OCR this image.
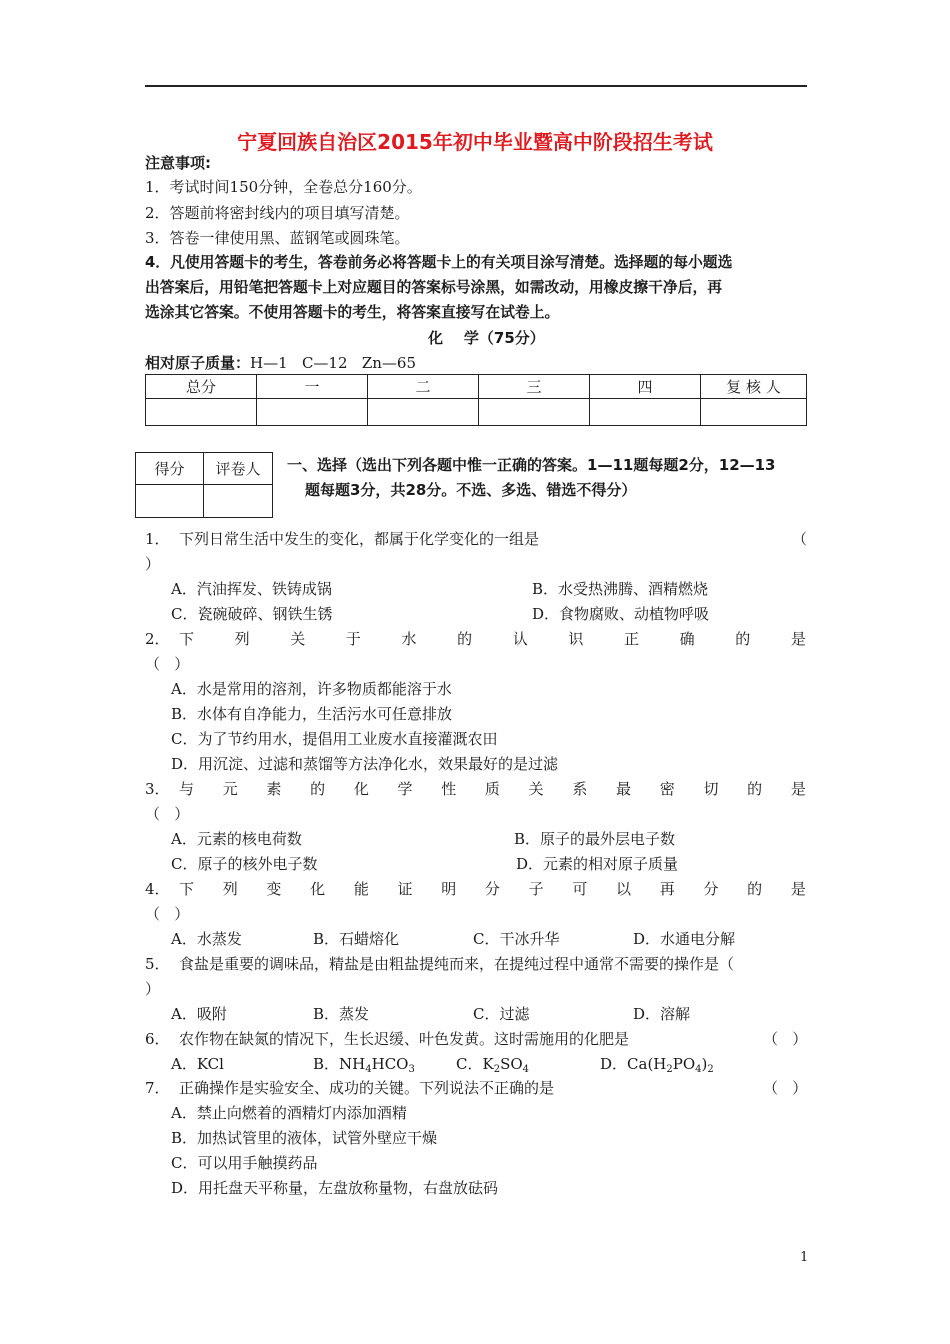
宁夏回族自治区2015年初中毕业暨高中阶段招生考试
注意事项:
1．考试时间150分钟，全卷总分160分。
2．答题前将密封线内的项目填写清楚。
3．答卷一律使用黑、蓝钢笔或圆珠笔。
4．凡使用答题卡的考生，答卷前务必将答题卡上的有关项目涂写清楚。选择题的每小题选
出答案后，用铅笔把答题卡上对应题目的答案标号涂黑，如需改动，用橡皮擦干净后，再
选涂其它答案。不使用答题卡的考生，将答案直接写在试卷上。
化    学（75分）
相对原子质量：H—1   C—12   Zn—65
总分	一	二	三	四	复 核 人

得分	评卷人
	一、选择（选出下列各题中惟一正确的答案。1—11题每题2分，12—13
题每题3分，共28分。不选、多选、错选不得分）
1． 下列日常生活中发生的变化，都属于化学变化的一组是	（
）
A．汽油挥发、铁铸成锅	B．水受热沸腾、酒精燃烧
C．瓷碗破碎、钢铁生锈	D．食物腐败、动植物呼吸
2． 下	列	关	于	水	的	认	识	正	确	的	是
（   ）
A．水是常用的溶剂，许多物质都能溶于水
B．水体有自净能力，生活污水可任意排放
C．为了节约用水，提倡用工业废水直接灌溉农田
D．用沉淀、过滤和蒸馏等方法净化水，效果最好的是过滤
3． 与 元 素 的 化 学 性 质 关 系 最 密 切 的 是
（   ）
A．元素的核电荷数	B．原子的最外层电子数
C．原子的核外电子数	D．元素的相对原子质量
4． 下 列 变 化 能 证 明 分 子 可 以 再 分 的 是
（   ）
A．水蒸发	B．石蜡熔化	C．干冰升华	D．水通电分解
5． 食盐是重要的调味品，精盐是由粗盐提纯而来，在提纯过程中通常不需要的操作是（
）
A．吸附	B．蒸发	C．过滤	D．溶解
6． 农作物在缺氮的情况下，生长迟缓、叶色发黄。这时需施用的化肥是	（   ）
A．KCl	B．$NH_4HCO_3$	C．$K_2SO_4$	D．$Ca(H_2PO_4)_2$
7． 正确操作是实验安全、成功的关键。下列说法不正确的是	（   ）
A．禁止向燃着的酒精灯内添加酒精
B．加热试管里的液体，试管外壁应干燥
C．可以用手触摸药品
D．用托盘天平称量，左盘放称量物，右盘放砝码
1
